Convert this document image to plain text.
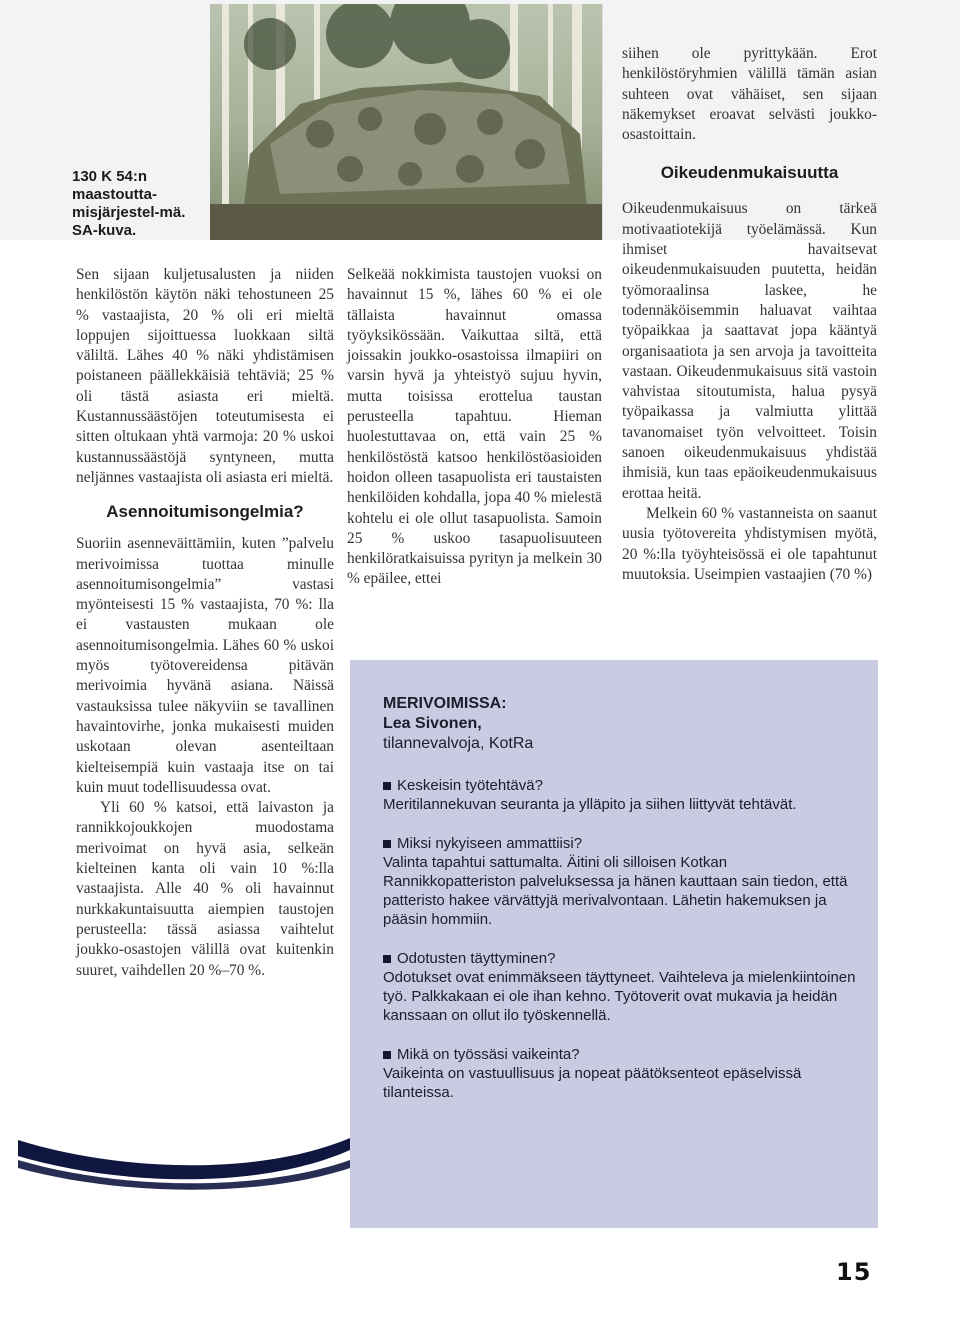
130 K 54:n maastoutta-misjärjestel-mä. SA-kuva.

Sen sijaan kuljetusalusten ja niiden henkilöstön käytön näki tehostuneen 25 % vastaajista, 20 % oli eri mieltä loppujen sijoittuessa luokkaan siltä väliltä. Lähes 40 % näki yhdistämisen poistaneen päällekkäisiä tehtäviä; 25 % oli tästä asiasta eri mieltä. Kustannussäästöjen toteutumisesta ei sitten oltukaan yhtä varmoja: 20 % uskoi kustannussäästöjä syntyneen, mutta neljännes vastaajista oli asiasta eri mieltä.

Asennoitumisongelmia?

Suoriin asenneväittämiin, kuten ”palvelu merivoimissa tuottaa minulle asennoitumisongelmia” vastasi myönteisesti 15 % vastaajista, 70 %: lla ei vastausten mukaan ole asennoitumisongelmia. Lähes 60 % uskoi myös työtovereidensa pitävän merivoimia hyvänä asiana. Näissä vastauksissa tulee näkyviin se tavallinen havaintovirhe, jonka mukaisesti muiden uskotaan olevan asenteiltaan kielteisempiä kuin vastaaja itse on tai kuin muut todellisuudessa ovat.

Yli 60 % katsoi, että laivaston ja rannikkojoukkojen muodostama merivoimat on hyvä asia, selkeän kielteinen kanta oli vain 10 %:lla vastaajista. Alle 40 % oli havainnut nurkkakuntaisuutta aiempien taustojen perusteella: tässä asiassa vaihtelut joukko-osastojen välillä ovat kuitenkin suuret, vaihdellen 20 %–70 %.

Selkeää nokkimista taustojen vuoksi on havainnut 15 %, lähes 60 % ei ole tällaista havainnut omassa työyksikössään. Vaikuttaa siltä, että joissakin joukko-osastoissa ilmapiiri on varsin hyvä ja yhteistyö sujuu hyvin, mutta toisissa erottelua taustan perusteella tapahtuu. Hieman huolestuttavaa on, että vain 25 % henkilöstöstä katsoo henkilöstöasioiden hoidon olleen tasapuolista eri taustaisten henkilöiden kohdalla, jopa 40 % mielestä kohtelu ei ole ollut tasapuolista. Samoin 25 % uskoo tasapuolisuuteen henkilöratkaisuissa pyrityn ja melkein 30 % epäilee, ettei

siihen ole pyrittykään. Erot henkilöstöryhmien välillä tämän asian suhteen ovat vähäiset, sen sijaan näkemykset eroavat selvästi joukko-osastoittain.

Oikeudenmukaisuutta

Oikeudenmukaisuus on tärkeä motivaatiotekijä työelämässä. Kun ihmiset havaitsevat oikeudenmukaisuuden puutetta, heidän työmoraalinsa laskee, he todennäköisemmin haluavat vaihtaa työpaikkaa ja saattavat jopa kääntyä organisaatiota ja sen arvoja ja tavoitteita vastaan. Oikeudenmukaisuus sitä vastoin vahvistaa sitoutumista, halua pysyä työpaikassa ja valmiutta ylittää tavanomaiset työn velvoitteet. Toisin sanoen oikeudenmukaisuus yhdistää ihmisiä, kun taas epäoikeudenmukaisuus erottaa heitä.

Melkein 60 % vastanneista on saanut uusia työtovereita yhdistymisen myötä, 20 %:lla työyhteisössä ei ole tapahtunut muutoksia. Useimpien vastaajien (70 %)

MERIVOIMISSA:
Lea Sivonen,
tilannevalvoja, KotRa
Keskeisin työtehtävä?
Meritilannekuvan seuranta ja ylläpito ja siihen liittyvät tehtävät.
Miksi nykyiseen ammattiisi?
Valinta tapahtui sattumalta. Äitini oli silloisen Kotkan Rannikkopatteriston palveluksessa ja hänen kauttaan sain tiedon, että patteristo hakee värvättyjä merivalvontaan. Lähetin hakemuksen ja pääsin hommiin.
Odotusten täyttyminen?
Odotukset ovat enimmäkseen täyttyneet. Vaihteleva ja mielenkiintoinen työ. Palkkakaan ei ole ihan kehno. Työtoverit ovat mukavia ja heidän kanssaan on ollut ilo työskennellä.
Mikä on työssäsi vaikeinta?
Vaikeinta on vastuullisuus ja nopeat päätöksenteot epäselvissä tilanteissa.
15
